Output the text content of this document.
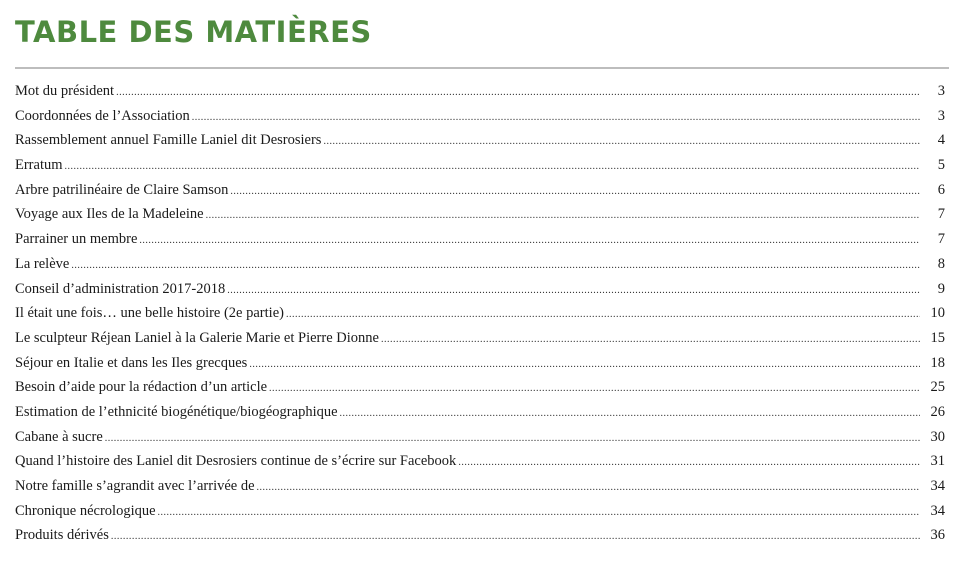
TABLE DES MATIÈRES
Mot du président .....	3
Coordonnées de l’Association .....	3
Rassemblement annuel Famille Laniel dit Desrosiers .....	4
Erratum .....	5
Arbre patrilinéaire de Claire Samson .....	6
Voyage aux Iles de la Madeleine .....	7
Parrainer un membre .....	7
La relève .....	8
Conseil d’administration 2017-2018 .....	9
Il était une fois… une belle histoire (2e partie) .....	10
Le sculpteur Réjean Laniel à la Galerie Marie et Pierre Dionne .....	15
Séjour en Italie et dans les Iles grecques .....	18
Besoin d’aide pour la rédaction d’un article .....	25
Estimation de l’ethnicité biogénétique/biogéographique .....	26
Cabane à sucre .....	30
Quand l’histoire des Laniel dit Desrosiers continue de s’écrire sur Facebook .....	31
Notre famille s’agrandit avec l’arrivée de .....	34
Chronique nécrologique .....	34
Produits dérivés .....	36
